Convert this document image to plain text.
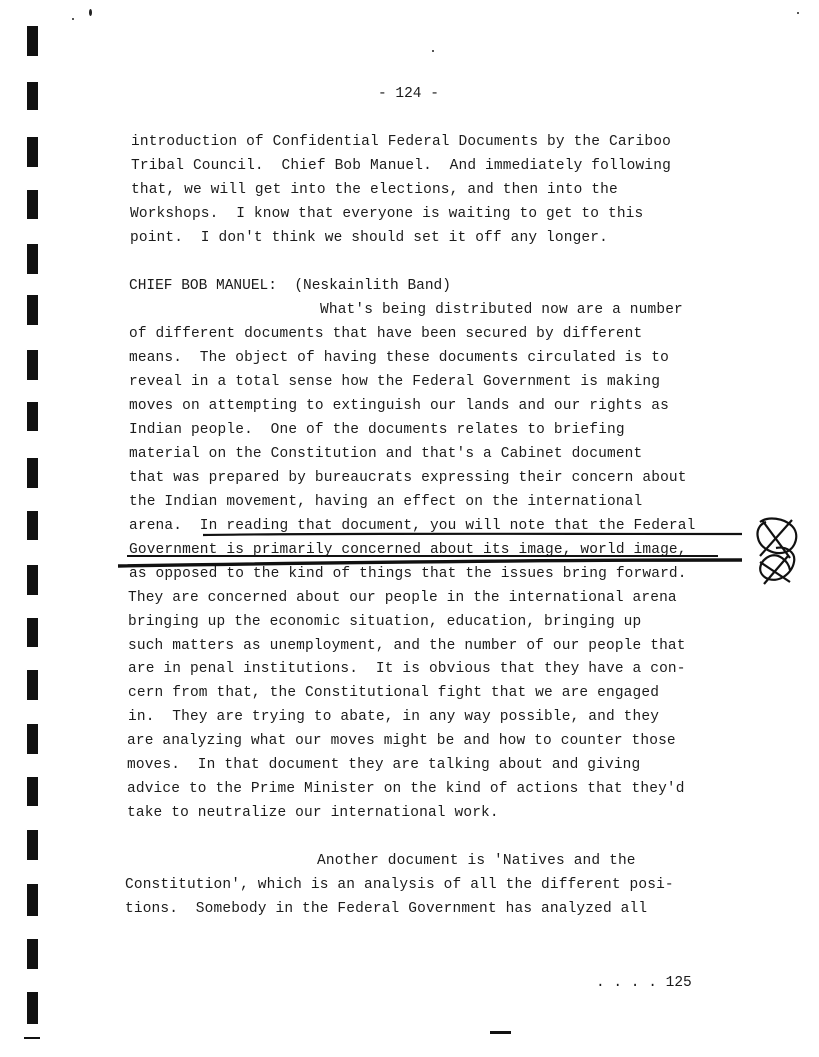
- 124 -
introduction of Confidential Federal Documents by the Cariboo
Tribal Council.  Chief Bob Manuel.  And immediately following
that, we will get into the elections, and then into the
Workshops.  I know that everyone is waiting to get to this
point.  I don't think we should set it off any longer.
CHIEF BOB MANUEL:  (Neskainlith Band)
What's being distributed now are a number
of different documents that have been secured by different
means.  The object of having these documents circulated is to
reveal in a total sense how the Federal Government is making
moves on attempting to extinguish our lands and our rights as
Indian people.  One of the documents relates to briefing
material on the Constitution and that's a Cabinet document
that was prepared by bureaucrats expressing their concern about
the Indian movement, having an effect on the international
arena.  In reading that document, you will note that the Federal
Government is primarily concerned about its image, world image,
as opposed to the kind of things that the issues bring forward.
They are concerned about our people in the international arena
bringing up the economic situation, education, bringing up
such matters as unemployment, and the number of our people that
are in penal institutions.  It is obvious that they have a con-
cern from that, the Constitutional fight that we are engaged
in.  They are trying to abate, in any way possible, and they
are analyzing what our moves might be and how to counter those
moves.  In that document they are talking about and giving
advice to the Prime Minister on the kind of actions that they'd
take to neutralize our international work.
Another document is 'Natives and the
Constitution', which is an analysis of all the different posi-
tions.  Somebody in the Federal Government has analyzed all
. . . . 125
